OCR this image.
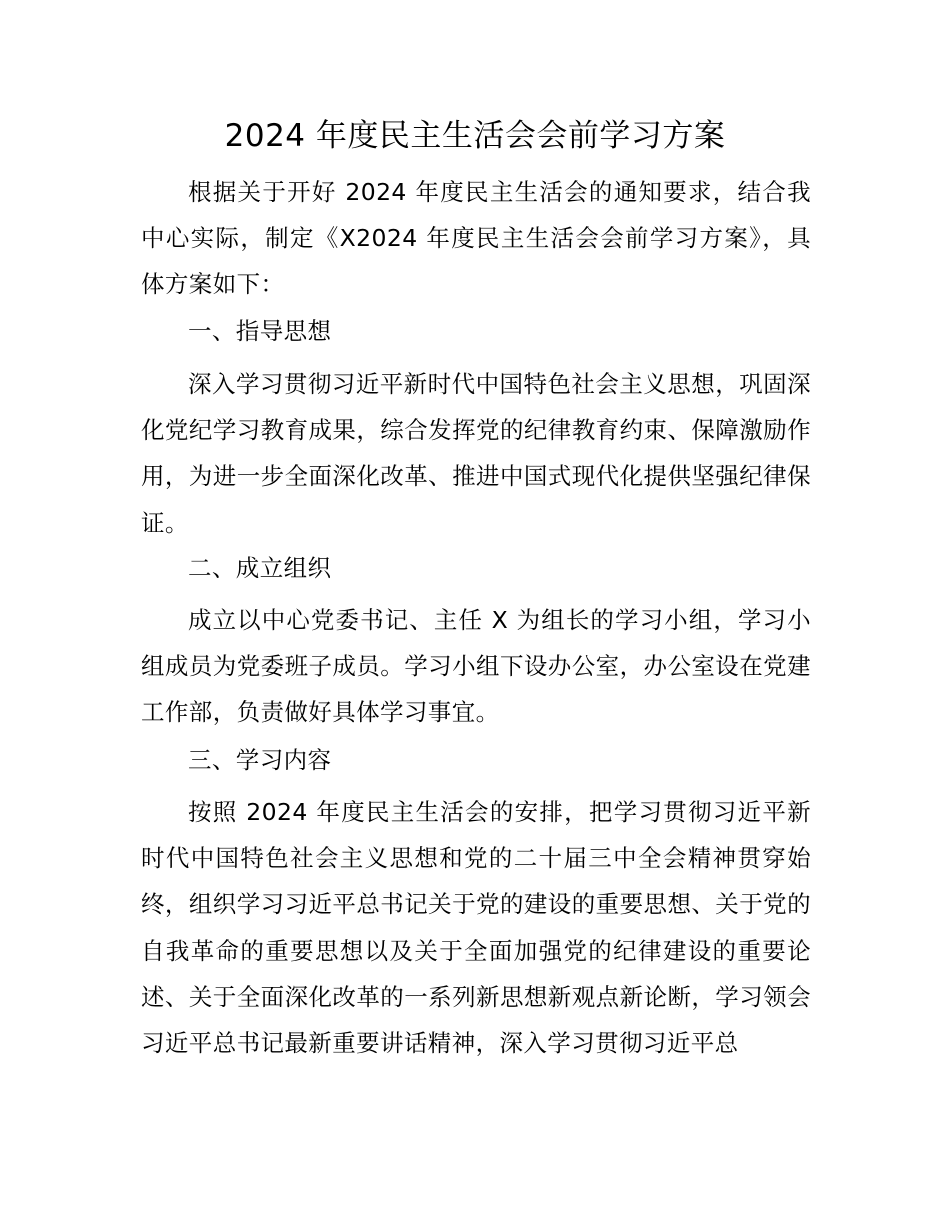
2024 年度民主生活会会前学习方案

根据关于开好 2024 年度民主生活会的通知要求，结合我中心实际，制定《X2024 年度民主生活会会前学习方案》，具体方案如下：

一、指导思想

深入学习贯彻习近平新时代中国特色社会主义思想，巩固深化党纪学习教育成果，综合发挥党的纪律教育约束、保障激励作用，为进一步全面深化改革、推进中国式现代化提供坚强纪律保证。

二、成立组织

成立以中心党委书记、主任 X 为组长的学习小组，学习小组成员为党委班子成员。学习小组下设办公室，办公室设在党建工作部，负责做好具体学习事宜。

三、学习内容

按照 2024 年度民主生活会的安排，把学习贯彻习近平新时代中国特色社会主义思想和党的二十届三中全会精神贯穿始终，组织学习习近平总书记关于党的建设的重要思想、关于党的自我革命的重要思想以及关于全面加强党的纪律建设的重要论述、关于全面深化改革的一系列新思想新观点新论断，学习领会习近平总书记最新重要讲话精神，深入学习贯彻习近平总
